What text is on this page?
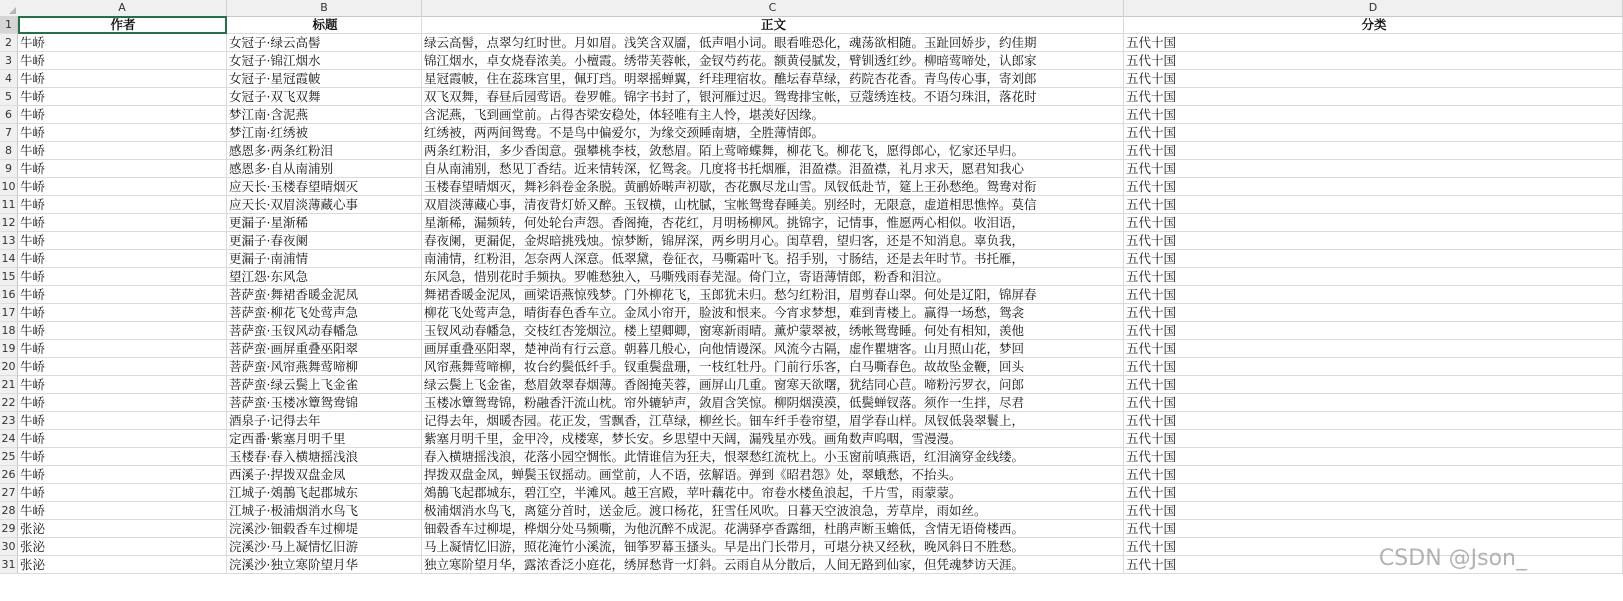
A	B	C	D
1	作者	标题	正文	分类
2 牛峤	女冠子·绿云高髻	绿云高髻，点翠匀红时世。月如眉。浅笑含双靥，低声唱小词。眼看唯恐化，魂荡欲相随。玉趾回娇步，约佳期	五代十国
3 牛峤	女冠子·锦江烟水	锦江烟水，卓女烧春浓美。小檀霞。绣带芙蓉帐，金钗芍药花。额黄侵腻发，臂钏透红纱。柳暗莺啼处，认郎家	五代十国
4 牛峤	女冠子·星冠霞帔	星冠霞帔，住在蕊珠宫里，佩玎珰。明翠摇蝉翼，纤珪理宿妆。醮坛春草绿，药院杏花香。青鸟传心事，寄刘郎	五代十国
5 牛峤	女冠子·双飞双舞	双飞双舞，春昼后园莺语。卷罗帷。锦字书封了，银河雁过迟。鸳鸯排宝帐，豆蔻绣连枝。不语匀珠泪，落花时	五代十国
6 牛峤	梦江南·含泥燕	含泥燕，飞到画堂前。占得杏梁安稳处，体轻唯有主人怜，堪羡好因缘。	五代十国
7 牛峤	梦江南·红绣被	红绣被，两两间鸳鸯。不是鸟中偏爱尔，为缘交颈睡南塘，全胜薄情郎。	五代十国
8 牛峤	感恩多·两条红粉泪	两条红粉泪，多少香闺意。强攀桃李枝，敛愁眉。陌上莺啼蝶舞，柳花飞。柳花飞，愿得郎心，忆家还早归。	五代十国
9 牛峤	感恩多·自从南浦别	自从南浦别，愁见丁香结。近来情转深，忆鸳衾。几度将书托烟雁，泪盈襟。泪盈襟，礼月求天，愿君知我心	五代十国
10 牛峤	应天长·玉楼春望晴烟灭	玉楼春望晴烟灭，舞衫斜卷金条脱。黄鹂娇啭声初歇，杏花飘尽龙山雪。凤钗低赴节，筵上王孙愁绝。鸳鸯对衔	五代十国
11 牛峤	应天长·双眉淡薄藏心事	双眉淡薄藏心事，清夜背灯娇又醉。玉钗横，山枕腻，宝帐鸳鸯春睡美。别经时，无限意，虚道相思憔悴。莫信	五代十国
12 牛峤	更漏子·星渐稀	星渐稀，漏频转，何处轮台声怨。香阁掩，杏花红，月明杨柳风。挑锦字，记情事，惟愿两心相似。收泪语，	五代十国
13 牛峤	更漏子·春夜阑	春夜阑，更漏促，金烬暗挑残烛。惊梦断，锦屏深，两乡明月心。闺草碧，望归客，还是不知消息。辜负我，	五代十国
14 牛峤	更漏子·南浦情	南浦情，红粉泪，怎奈两人深意。低翠黛，卷征衣，马嘶霜叶飞。招手别，寸肠结，还是去年时节。书托雁，	五代十国
15 牛峤	望江怨·东风急	东风急，惜别花时手频执。罗帷愁独入，马嘶残雨春芜湿。倚门立，寄语薄情郎，粉香和泪泣。	五代十国
16 牛峤	菩萨蛮·舞裙香暖金泥凤	舞裙香暖金泥凤，画梁语燕惊残梦。门外柳花飞，玉郎犹未归。愁匀红粉泪，眉剪春山翠。何处是辽阳，锦屏春	五代十国
17 牛峤	菩萨蛮·柳花飞处莺声急	柳花飞处莺声急，晴街春色香车立。金凤小帘开，脸波和恨来。今宵求梦想，难到青楼上。赢得一场愁，鸳衾	五代十国
18 牛峤	菩萨蛮·玉钗风动春幡急	玉钗风动春幡急，交枝红杏笼烟泣。楼上望卿卿，窗寒新雨晴。薰炉蒙翠被，绣帐鸳鸯睡。何处有相知，羡他	五代十国
19 牛峤	菩萨蛮·画屏重叠巫阳翠	画屏重叠巫阳翠，楚神尚有行云意。朝暮几般心，向他情谩深。风流今古隔，虚作瞿塘客。山月照山花，梦回	五代十国
20 牛峤	菩萨蛮·风帘燕舞莺啼柳	风帘燕舞莺啼柳，妆台约鬓低纤手。钗重鬓盘珊，一枝红牡丹。门前行乐客，白马嘶春色。故故坠金鞭，回头	五代十国
21 牛峤	菩萨蛮·绿云鬓上飞金雀	绿云鬓上飞金雀，愁眉敛翠春烟薄。香阁掩芙蓉，画屏山几重。窗寒天欲曙，犹结同心苣。啼粉污罗衣，问郎	五代十国
22 牛峤	菩萨蛮·玉楼冰簟鸳鸯锦	玉楼冰簟鸳鸯锦，粉融香汗流山枕。帘外辘轳声，敛眉含笑惊。柳阴烟漠漠，低鬓蝉钗落。须作一生拌，尽君	五代十国
23 牛峤	酒泉子·记得去年	记得去年，烟暖杏园。花正发，雪飘香，江草绿，柳丝长。钿车纤手卷帘望，眉学春山样。凤钗低袅翠鬟上，	五代十国
24 牛峤	定西番·紫塞月明千里	紫塞月明千里，金甲冷，戍楼寒，梦长安。乡思望中天阔，漏残星亦残。画角数声呜咽，雪漫漫。	五代十国
25 牛峤	玉楼春·春入横塘摇浅浪	春入横塘摇浅浪，花落小园空惆怅。此情谁信为狂夫，恨翠愁红流枕上。小玉窗前嗔燕语，红泪滴穿金线缕。	五代十国
26 牛峤	西溪子·捍拨双盘金凤	捍拨双盘金凤，蝉鬓玉钗摇动。画堂前，人不语，弦解语。弹到《昭君怨》处，翠蛾愁，不抬头。	五代十国
27 牛峤	江城子·鵁鶄飞起郡城东	鵁鶄飞起郡城东，碧江空，半滩风。越王宫殿，苹叶藕花中。帘卷水楼鱼浪起，千片雪，雨蒙蒙。	五代十国
28 牛峤	江城子·极浦烟消水鸟飞	极浦烟消水鸟飞，离筵分首时，送金卮。渡口杨花，狂雪任风吹。日暮天空波浪急，芳草岸，雨如丝。	五代十国
29 张泌	浣溪沙·钿毂香车过柳堤	钿毂香车过柳堤，桦烟分处马频嘶，为他沉醉不成泥。花满驿亭香露细，杜鹃声断玉蟾低，含情无语倚楼西。	五代十国
30 张泌	浣溪沙·马上凝情忆旧游	马上凝情忆旧游，照花淹竹小溪流，钿筝罗幕玉搔头。早是出门长带月，可堪分袂又经秋，晚风斜日不胜愁。	五代十国
31 张泌	浣溪沙·独立寒阶望月华	独立寒阶望月华，露浓香泛小庭花，绣屏愁背一灯斜。云雨自从分散后，人间无路到仙家，但凭魂梦访天涯。	五代十国	CSDN @Json_
